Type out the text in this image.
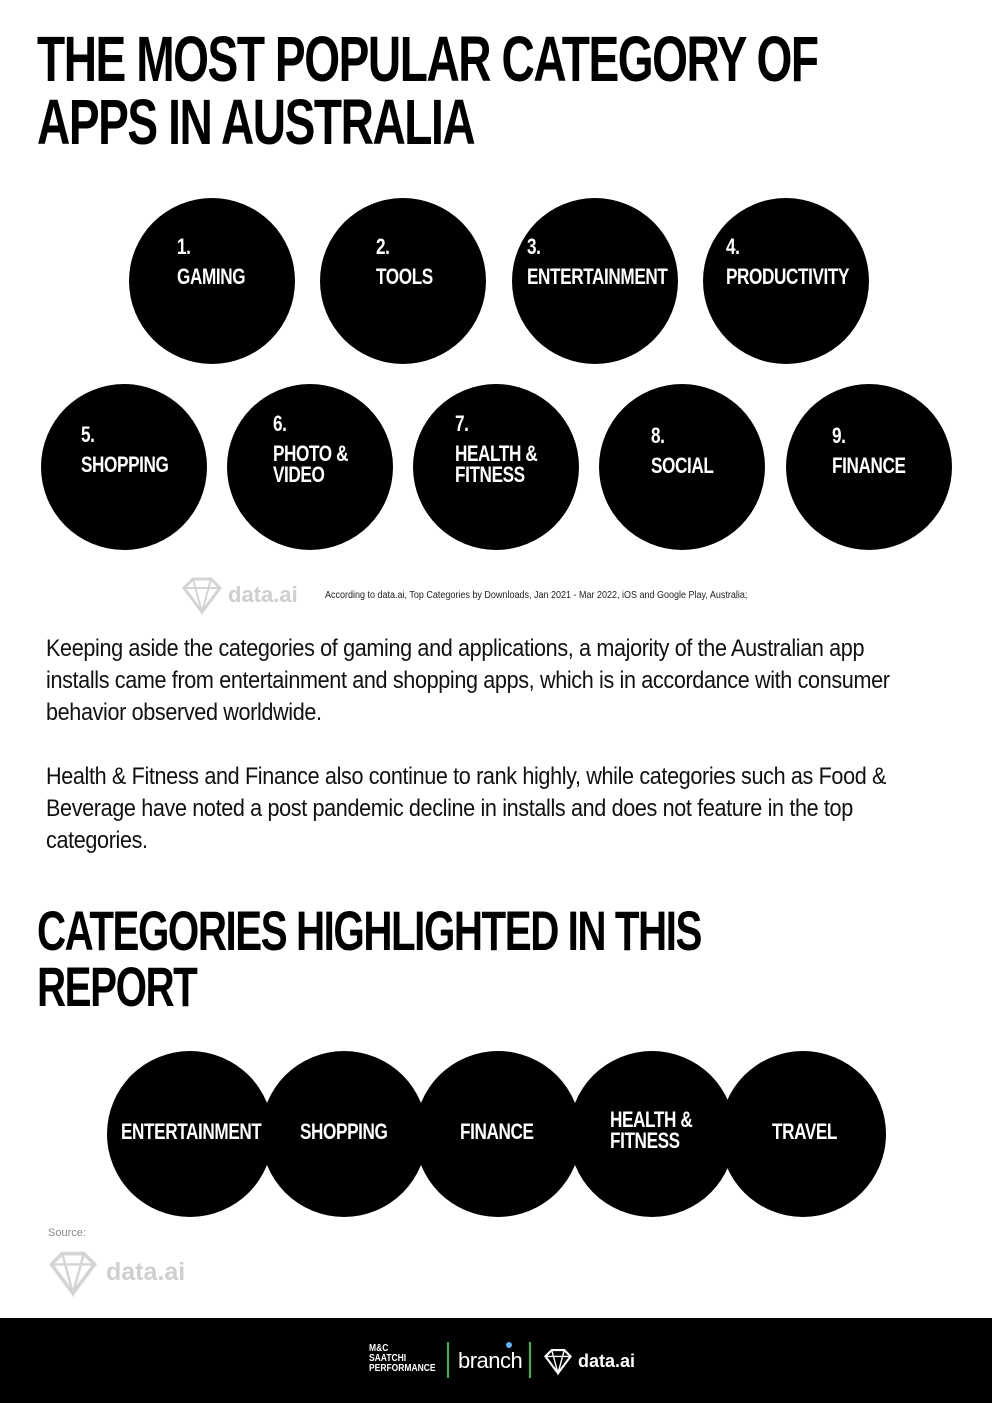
THE MOST POPULAR CATEGORY OF APPS IN AUSTRALIA
1.
GAMING
2.
TOOLS
3.
ENTERTAINMENT
4.
PRODUCTIVITY
5.
SHOPPING
6.
PHOTO &
VIDEO
7.
HEALTH &
FITNESS
8.
SOCIAL
9.
FINANCE
data.ai	According to data.ai, Top Categories by Downloads, Jan 2021 - Mar 2022, iOS and Google Play, Australia;

Keeping aside the categories of gaming and applications, a majority of the Australian app installs came from entertainment and shopping apps, which is in accordance with consumer behavior observed worldwide.

Health & Fitness and Finance also continue to rank highly, while categories such as Food & Beverage have noted a post pandemic decline in installs and does not feature in the top categories.

CATEGORIES HIGHLIGHTED IN THIS REPORT
ENTERTAINMENT SHOPPING	FINANCE	HEALTH &
FITNESS	TRAVEL
Source:
data.ai
M&C
SAATCHI
PERFORMANCE branch	data.ai
